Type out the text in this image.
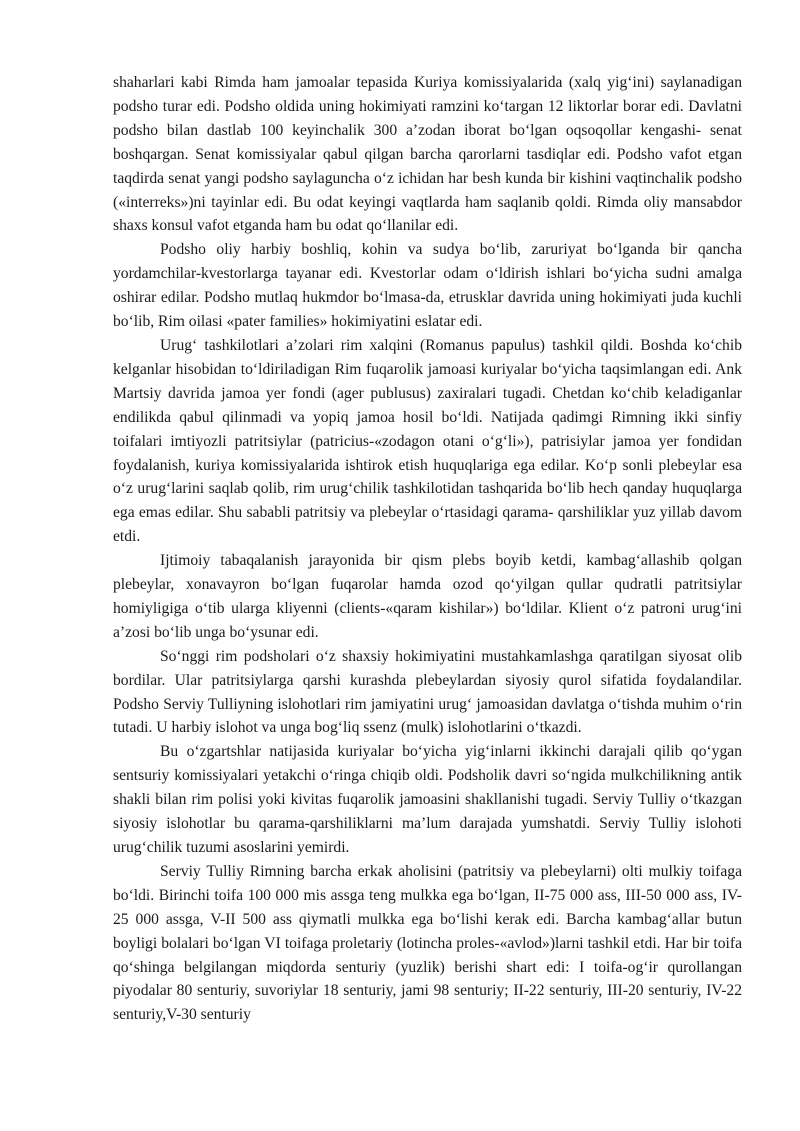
shaharlari kabi Rimda ham jamoalar tepasida Kuriya komissiyalarida (xalq yig‘ini) saylanadigan podsho turar edi. Podsho oldida uning hokimiyati ramzini ko‘targan 12 liktorlar borar edi. Davlatni podsho bilan dastlab 100 keyinchalik 300 a’zodan iborat bo‘lgan oqsoqollar kengashi- senat boshqargan. Senat komissiyalar qabul qilgan barcha qarorlarni tasdiqlar edi. Podsho vafot etgan taqdirda senat yangi podsho saylaguncha o‘z ichidan har besh kunda bir kishini vaqtinchalik podsho («interreks»)ni tayinlar edi. Bu odat keyingi vaqtlarda ham saqlanib qoldi. Rimda oliy mansabdor shaxs konsul vafot etganda ham bu odat qo‘llanilar edi.

Podsho oliy harbiy boshliq, kohin va sudya bo‘lib, zaruriyat bo‘lganda bir qancha yordamchilar-kvestorlarga tayanar edi. Kvestorlar odam o‘ldirish ishlari bo‘yicha sudni amalga oshirar edilar. Podsho mutlaq hukmdor bo‘lmasa-da, etrusklar davrida uning hokimiyati juda kuchli bo‘lib, Rim oilasi «pater families» hokimiyatini eslatar edi.

Urug‘ tashkilotlari a’zolari rim xalqini (Romanus papulus) tashkil qildi. Boshda ko‘chib kelganlar hisobidan to‘ldiriladigan Rim fuqarolik jamoasi kuriyalar bo‘yicha taqsimlangan edi. Ank Martsiy davrida jamoa yer fondi (ager publusus) zaxiralari tugadi. Chetdan ko‘chib keladiganlar endilikda qabul qilinmadi va yopiq jamoa hosil bo‘ldi. Natijada qadimgi Rimning ikki sinfiy toifalari imtiyozli patritsiylar (patricius-«zodagon otani o‘g‘li»), patrisiylar jamoa yer fondidan foydalanish, kuriya komissiyalarida ishtirok etish huquqlariga ega edilar. Ko‘p sonli plebeylar esa o‘z urug‘larini saqlab qolib, rim urug‘chilik tashkilotidan tashqarida bo‘lib hech qanday huquqlarga ega emas edilar. Shu sababli patritsiy va plebeylar o‘rtasidagi qarama- qarshiliklar yuz yillab davom etdi.

Ijtimoiy tabaqalanish jarayonida bir qism plebs boyib ketdi, kambag‘allashib qolgan plebeylar, xonavayron bo‘lgan fuqarolar hamda ozod qo‘yilgan qullar qudratli patritsiylar homiyligiga o‘tib ularga kliyenni (clients-«qaram kishilar») bo‘ldilar. Klient o‘z patroni urug‘ini a’zosi bo‘lib unga bo‘ysunar edi.

So‘nggi rim podsholari o‘z shaxsiy hokimiyatini mustahkamlashga qaratilgan siyosat olib bordilar. Ular patritsiylarga qarshi kurashda plebeylardan siyosiy qurol sifatida foydalandilar. Podsho Serviy Tulliyning islohotlari rim jamiyatini urug‘ jamoasidan davlatga o‘tishda muhim o‘rin tutadi. U harbiy islohot va unga bog‘liq ssenz (mulk) islohotlarini o‘tkazdi.

Bu o‘zgartshlar natijasida kuriyalar bo‘yicha yig‘inlarni ikkinchi darajali qilib qo‘ygan sentsuriy komissiyalari yetakchi o‘ringa chiqib oldi. Podsholik davri so‘ngida mulkchilikning antik shakli bilan rim polisi yoki kivitas fuqarolik jamoasini shakllanishi tugadi. Serviy Tulliy o‘tkazgan siyosiy islohotlar bu qarama-qarshiliklarni ma’lum darajada yumshatdi. Serviy Tulliy islohoti urug‘chilik tuzumi asoslarini yemirdi.

Serviy Tulliy Rimning barcha erkak aholisini (patritsiy va plebeylarni) olti mulkiy toifaga bo‘ldi. Birinchi toifa 100 000 mis assga teng mulkka ega bo‘lgan, II-75 000 ass, III-50 000 ass, IV-25 000 assga, V-II 500 ass qiymatli mulkka ega bo‘lishi kerak edi. Barcha kambag‘allar butun boyligi bolalari bo‘lgan VI toifaga proletariy (lotincha proles-«avlod»)larni tashkil etdi. Har bir toifa qo‘shinga belgilangan miqdorda senturiy (yuzlik) berishi shart edi: I toifa-og‘ir qurollangan piyodalar 80 senturiy, suvoriylar 18 senturiy, jami 98 senturiy; II-22 senturiy, III-20 senturiy, IV-22 senturiy,V-30 senturiy
